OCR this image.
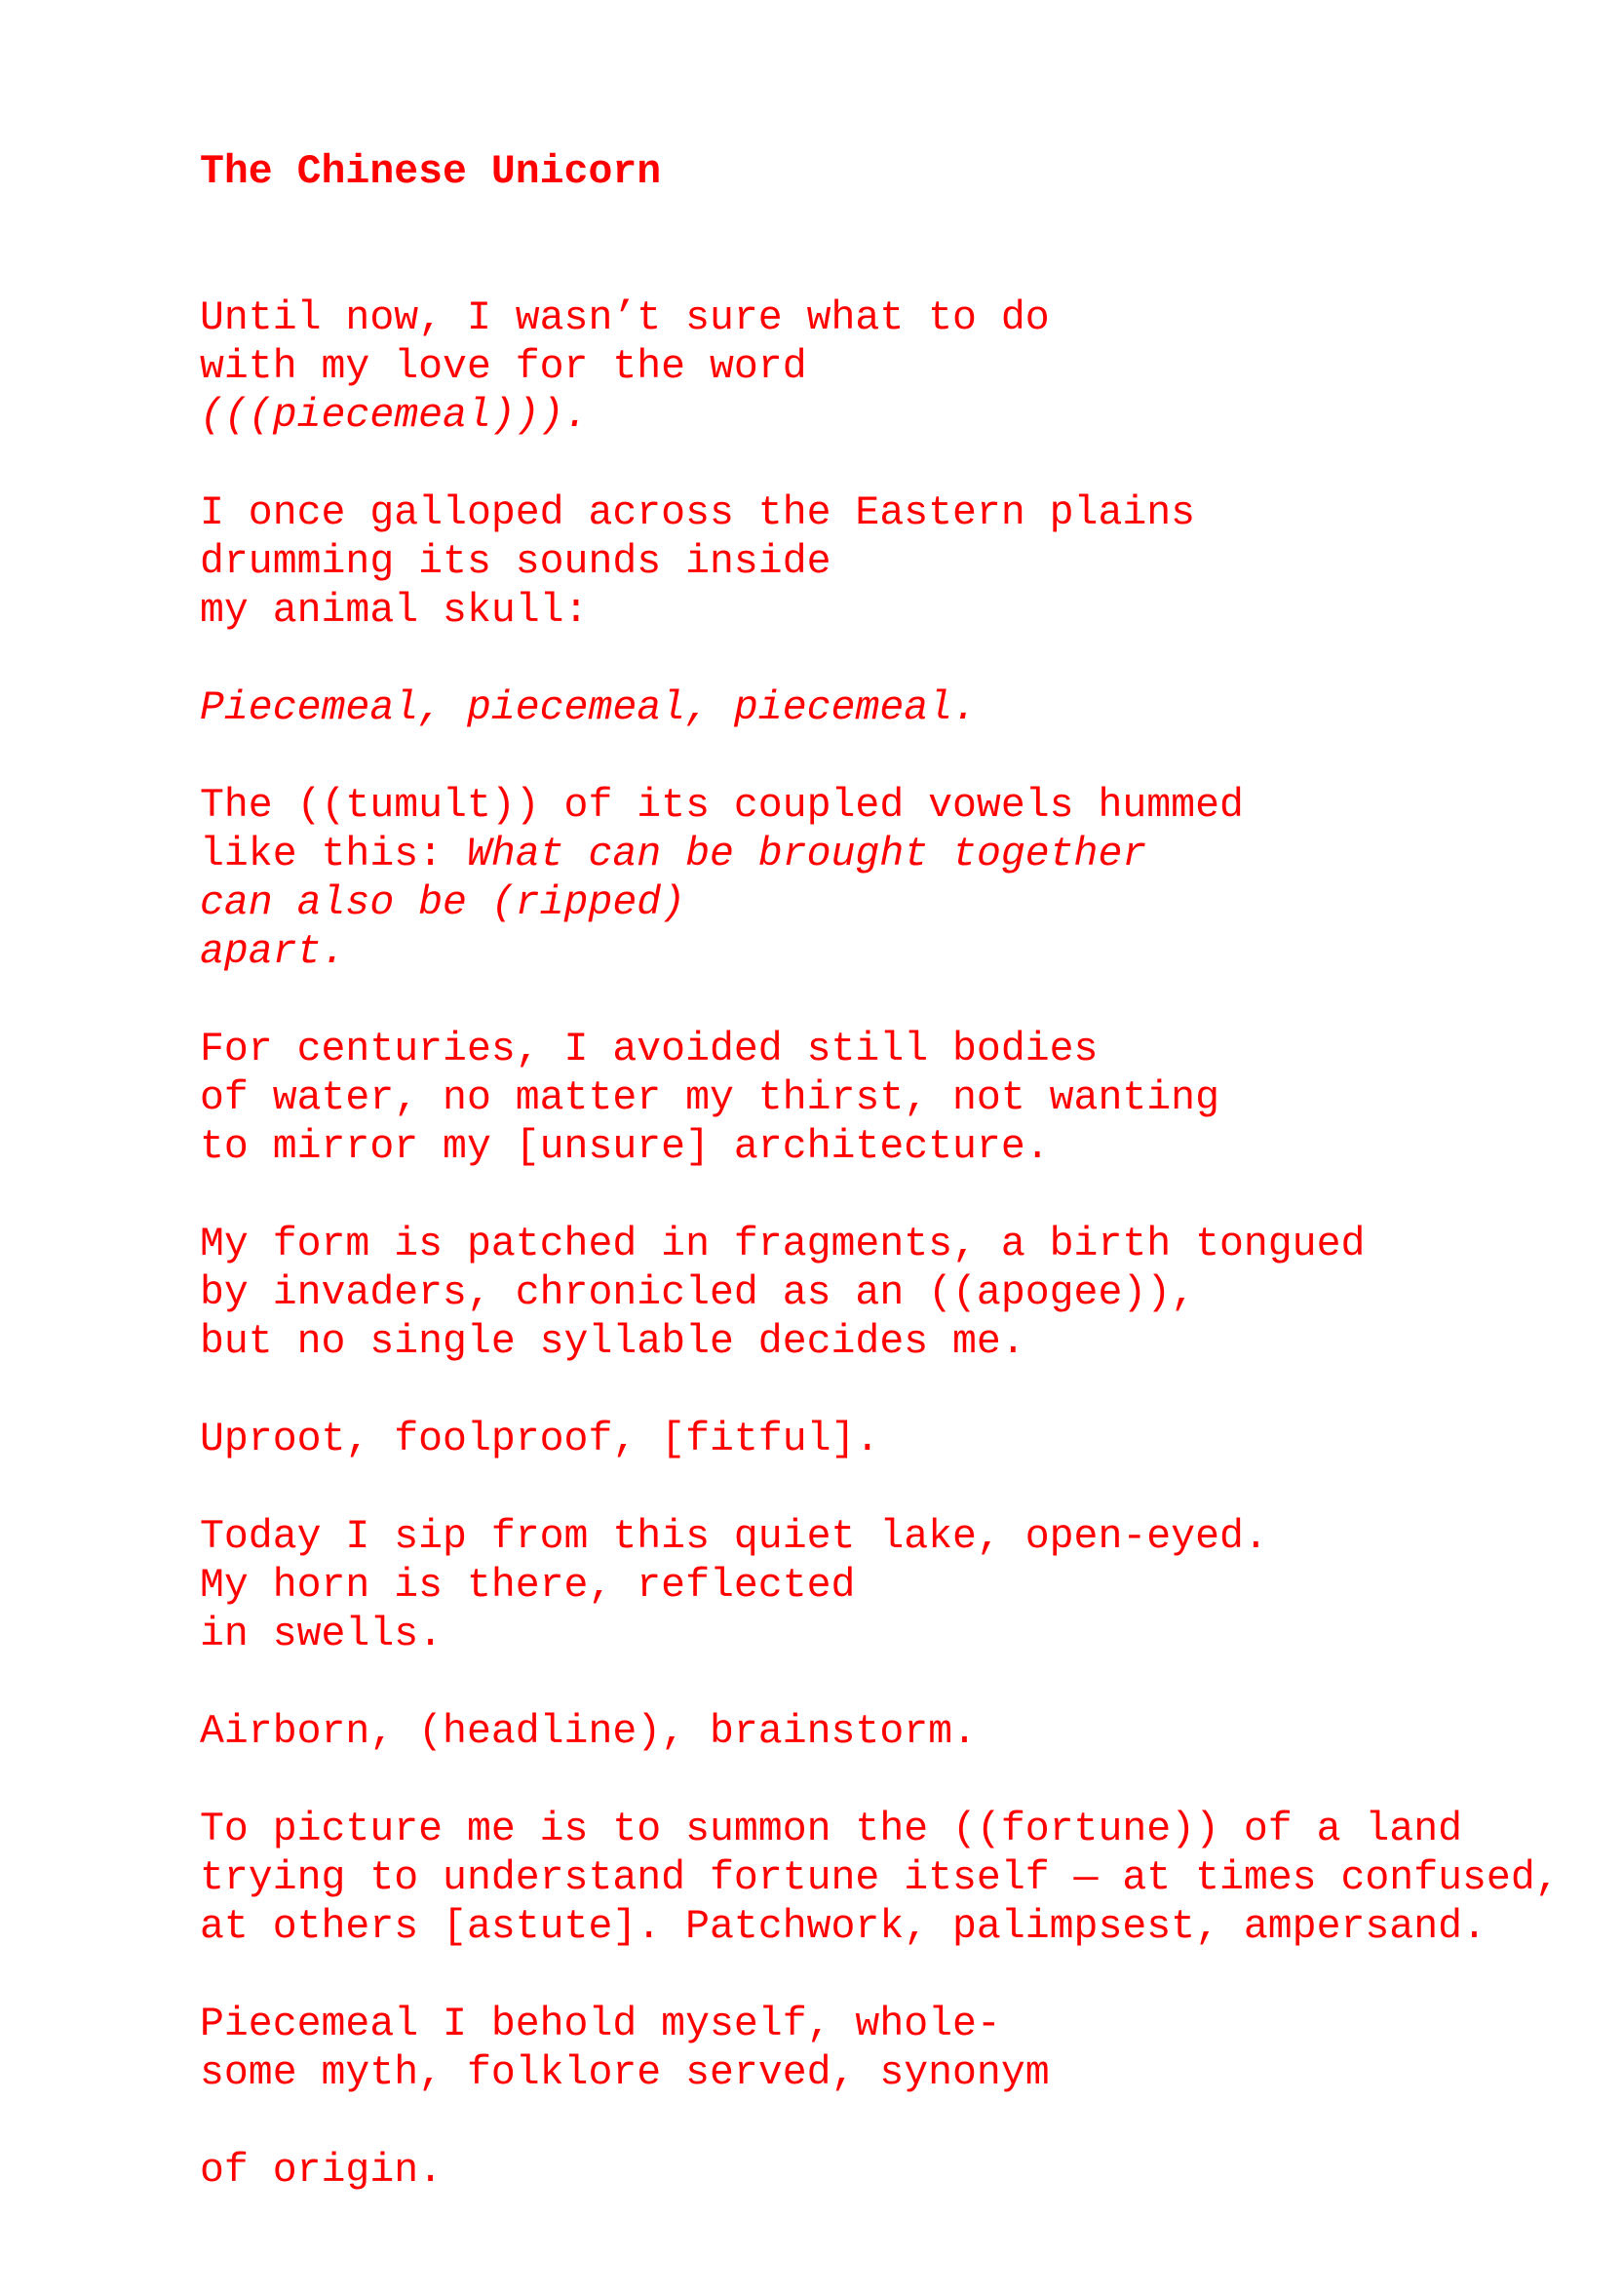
The Chinese Unicorn
Until now, I wasn’t sure what to do
with my love for the word
(((piecemeal))).
I once galloped across the Eastern plains
drumming its sounds inside
my animal skull:
Piecemeal, piecemeal, piecemeal.
The ((tumult)) of its coupled vowels hummed
like this: What can be brought together
can also be (ripped)
apart.
For centuries, I avoided still bodies
of water, no matter my thirst, not wanting
to mirror my [unsure] architecture.
My form is patched in fragments, a birth tongued
by invaders, chronicled as an ((apogee)),
but no single syllable decides me.
Uproot, foolproof, [fitful].
Today I sip from this quiet lake, open-eyed.
My horn is there, reflected
in swells.
Airborn, (headline), brainstorm.
To picture me is to summon the ((fortune)) of a land
trying to understand fortune itself — at times confused,
at others [astute]. Patchwork, palimpsest, ampersand.
Piecemeal I behold myself, whole-
some myth, folklore served, synonym
of origin.
